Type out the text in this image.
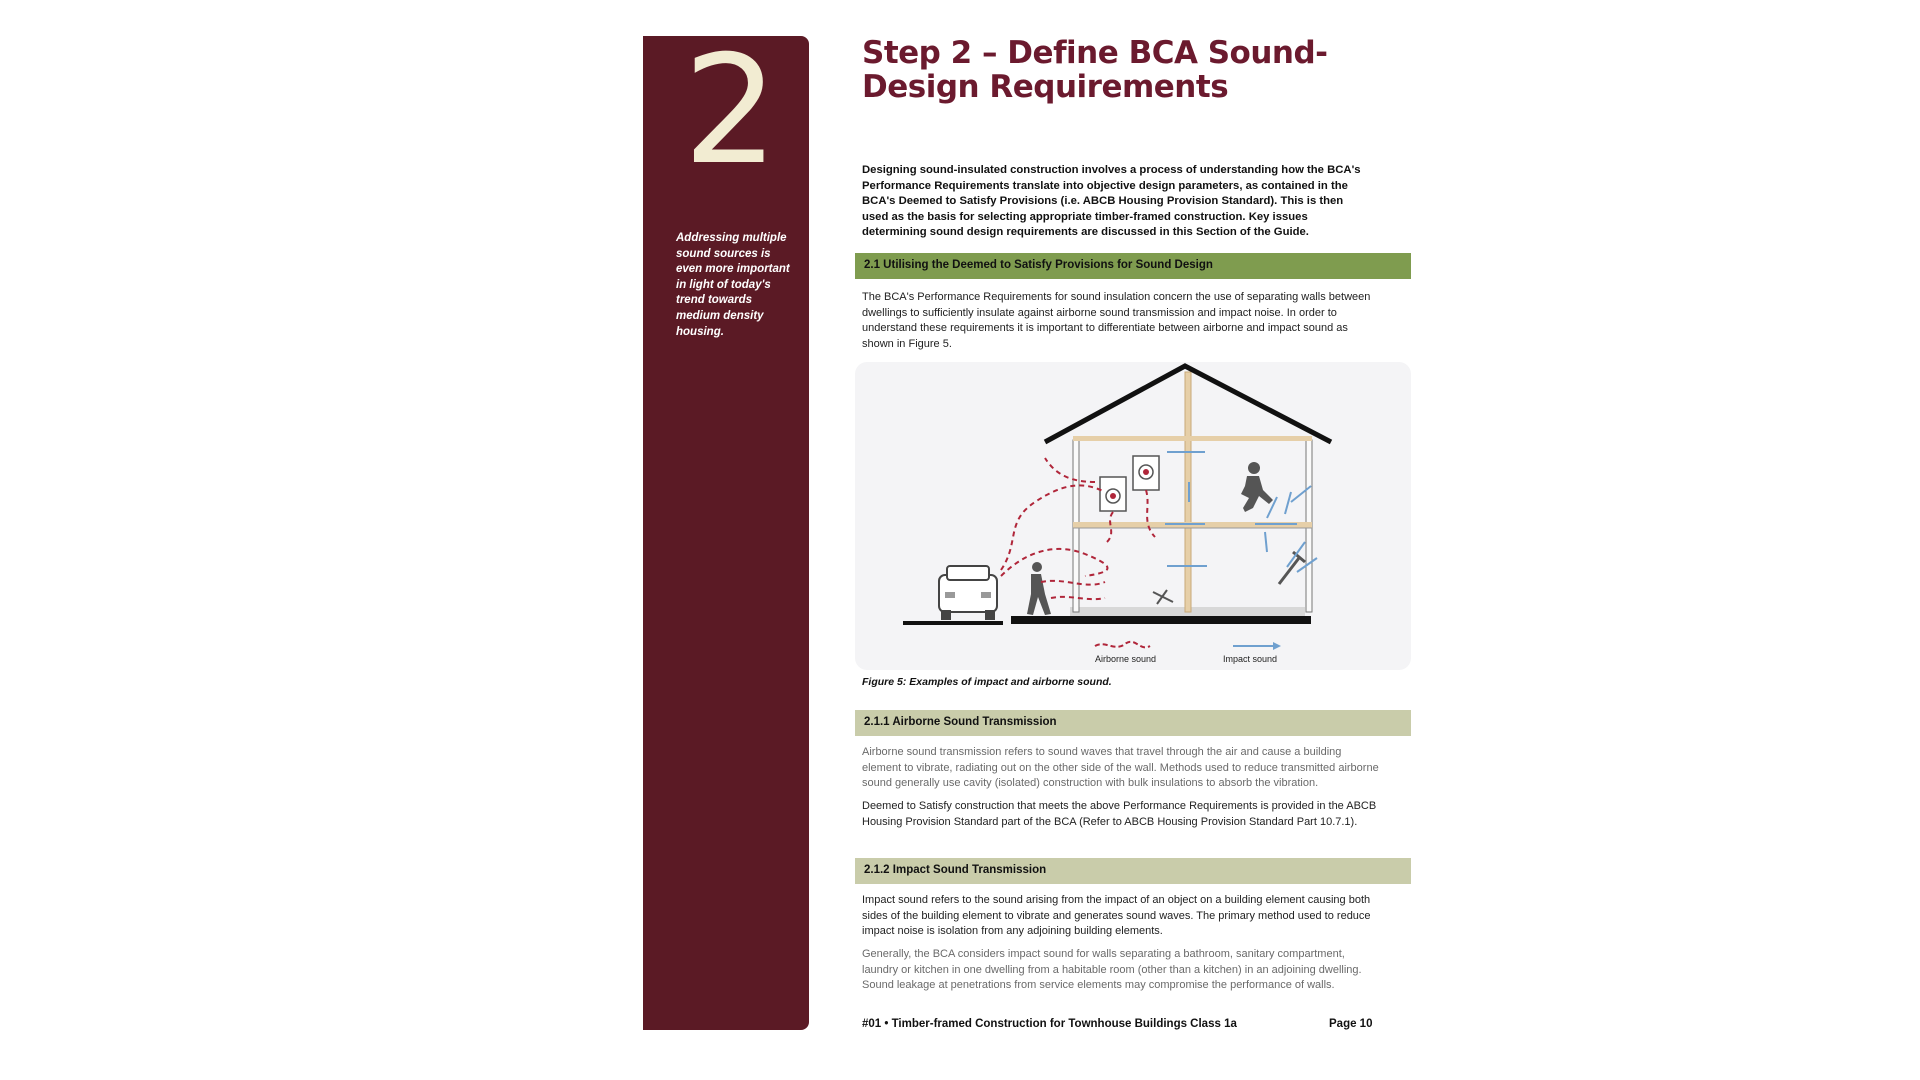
2
Addressing multiple sound sources is even more important in light of today's trend towards medium density housing.
Step 2 – Define BCA Sound-
Design Requirements
Designing sound-insulated construction involves a process of understanding how the BCA's Performance Requirements translate into objective design parameters, as contained in the BCA's Deemed to Satisfy Provisions (i.e. ABCB Housing Provision Standard). This is then used as the basis for selecting appropriate timber-framed construction. Key issues determining sound design requirements are discussed in this Section of the Guide.
2.1 Utilising the Deemed to Satisfy Provisions for Sound Design
The BCA's Performance Requirements for sound insulation concern the use of separating walls between dwellings to sufficiently insulate against airborne sound transmission and impact noise. In order to understand these requirements it is important to differentiate between airborne and impact sound as shown in Figure 5.
Airborne sound	Impact sound
Figure 5: Examples of impact and airborne sound.
2.1.1 Airborne Sound Transmission
Airborne sound transmission refers to sound waves that travel through the air and cause a building element to vibrate, radiating out on the other side of the wall. Methods used to reduce transmitted airborne sound generally use cavity (isolated) construction with bulk insulations to absorb the vibration.
Deemed to Satisfy construction that meets the above Performance Requirements is provided in the ABCB Housing Provision Standard part of the BCA (Refer to ABCB Housing Provision Standard Part 10.7.1).
2.1.2 Impact Sound Transmission
Impact sound refers to the sound arising from the impact of an object on a building element causing both sides of the building element to vibrate and generates sound waves. The primary method used to reduce impact noise is isolation from any adjoining building elements.
Generally, the BCA considers impact sound for walls separating a bathroom, sanitary compartment, laundry or kitchen in one dwelling from a habitable room (other than a kitchen) in an adjoining dwelling. Sound leakage at penetrations from service elements may compromise the performance of walls.
#01 • Timber-framed Construction for Townhouse Buildings Class 1a	Page 10
